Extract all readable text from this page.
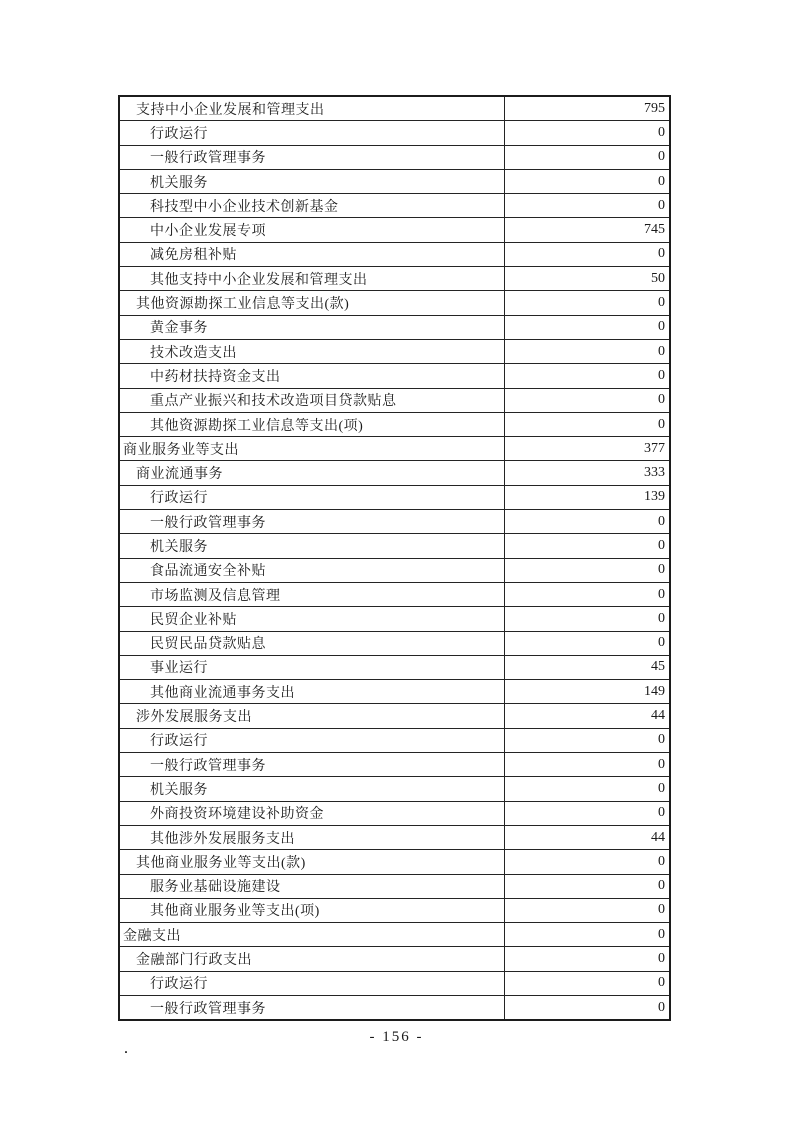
支持中小企业发展和管理支出	795
行政运行	0
一般行政管理事务	0
机关服务	0
科技型中小企业技术创新基金	0
中小企业发展专项	745
减免房租补贴	0
其他支持中小企业发展和管理支出	50
其他资源勘探工业信息等支出(款)	0
黄金事务	0
技术改造支出	0
中药材扶持资金支出	0
重点产业振兴和技术改造项目贷款贴息	0
其他资源勘探工业信息等支出(项)	0
商业服务业等支出	377
商业流通事务	333
行政运行	139
一般行政管理事务	0
机关服务	0
食品流通安全补贴	0
市场监测及信息管理	0
民贸企业补贴	0
民贸民品贷款贴息	0
事业运行	45
其他商业流通事务支出	149
涉外发展服务支出	44
行政运行	0
一般行政管理事务	0
机关服务	0
外商投资环境建设补助资金	0
其他涉外发展服务支出	44
其他商业服务业等支出(款)	0
服务业基础设施建设	0
其他商业服务业等支出(项)	0
金融支出	0
金融部门行政支出	0
行政运行	0
一般行政管理事务	0
- 156 -
.
